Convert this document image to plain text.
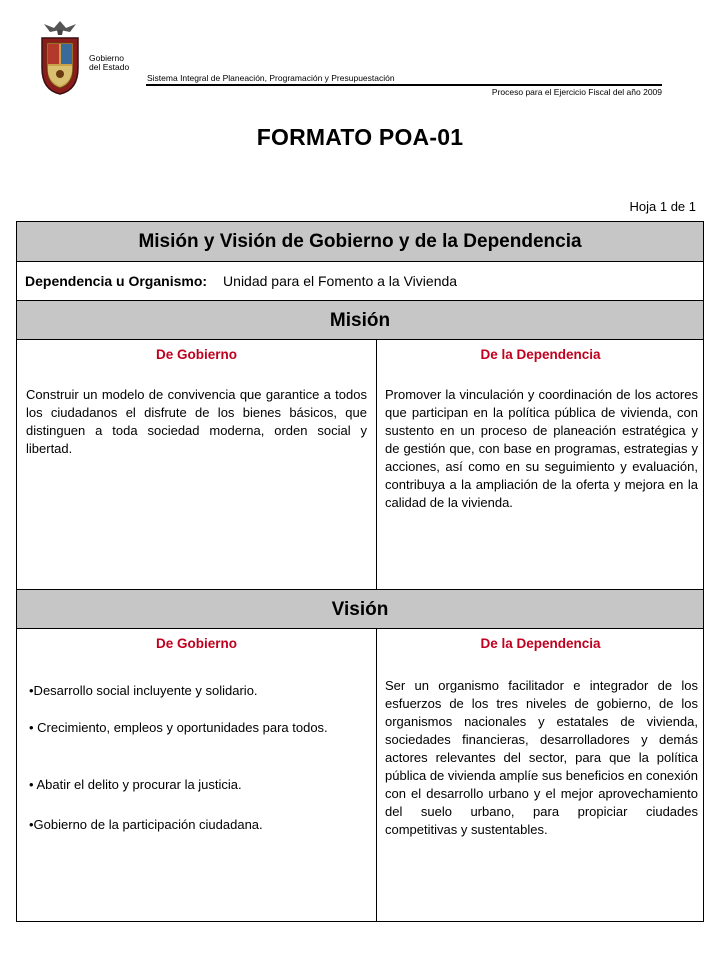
Gobierno
del Estado
Sistema Integral de Planeación, Programación y Presupuestación
Proceso para el Ejercicio Fiscal del año 2009
FORMATO POA-01
Hoja 1 de 1
Misión y Visión de Gobierno y de la Dependencia
Dependencia u Organismo: Unidad para el Fomento a la Vivienda
Misión
De Gobierno	De la Dependencia
Construir un modelo de convivencia que garantice a todos los ciudadanos el disfrute de los bienes básicos, que distinguen a toda sociedad moderna, orden social y libertad.
Promover la vinculación y coordinación de los actores que participan en la política pública de vivienda, con sustento en un proceso de planeación estratégica y de gestión que, con base en programas, estrategias y acciones, así como en su seguimiento y evaluación, contribuya a la ampliación de la oferta y mejora en la calidad de la vivienda.
Visión
De Gobierno	De la Dependencia
•Desarrollo social incluyente y solidario.
• Crecimiento, empleos y oportunidades para todos.
• Abatir el delito y procurar la justicia.
•Gobierno de la participación ciudadana.
Ser un organismo facilitador e integrador de los esfuerzos de los tres niveles de gobierno, de los organismos nacionales y estatales de vivienda, sociedades financieras, desarrolladores y demás actores relevantes del sector, para que la política pública de vivienda amplíe sus beneficios en conexión con el desarrollo urbano y el mejor aprovechamiento del suelo urbano, para propiciar ciudades competitivas y sustentables.
